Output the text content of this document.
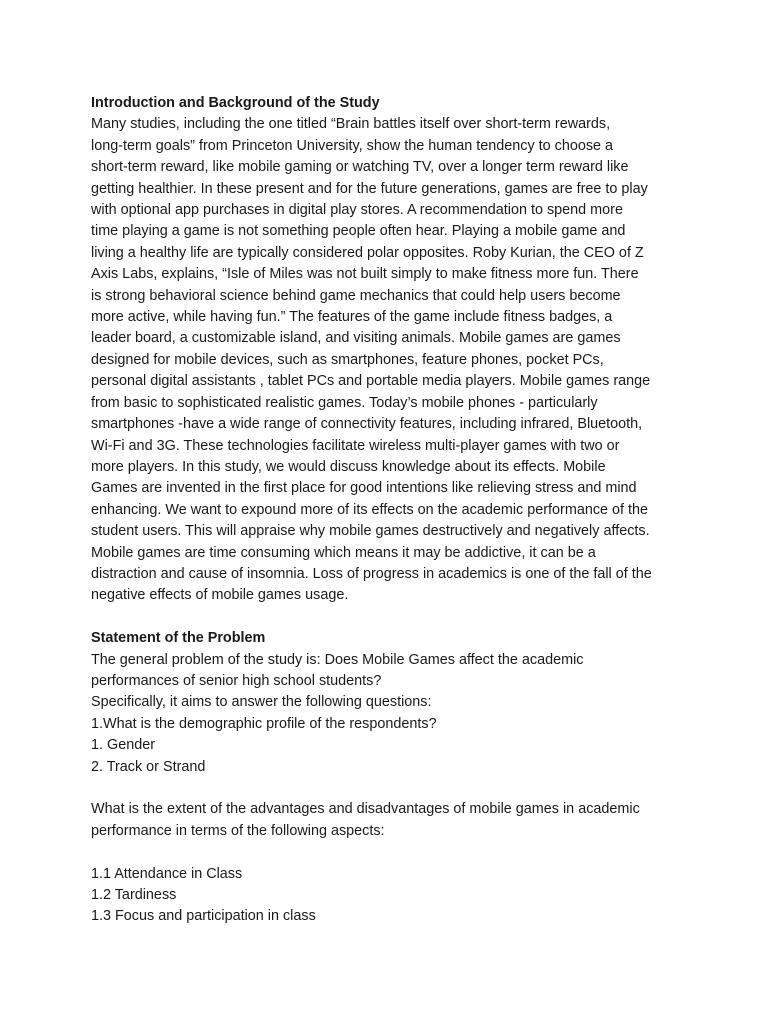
Introduction and Background of the Study
Many studies, including the one titled “Brain battles itself over short-term rewards,
long-term goals” from Princeton University, show the human tendency to choose a
short-term reward, like mobile gaming or watching TV, over a longer term reward like
getting healthier. In these present and for the future generations, games are free to play
with optional app purchases in digital play stores. A recommendation to spend more
time playing a game is not something people often hear. Playing a mobile game and
living a healthy life are typically considered polar opposites. Roby Kurian, the CEO of Z
Axis Labs, explains, “Isle of Miles was not built simply to make fitness more fun. There
is strong behavioral science behind game mechanics that could help users become
more active, while having fun.” The features of the game include fitness badges, a
leader board, a customizable island, and visiting animals. Mobile games are games
designed for mobile devices, such as smartphones, feature phones, pocket PCs,
personal digital assistants , tablet PCs and portable media players. Mobile games range
from basic to sophisticated realistic games. Today’s mobile phones - particularly
smartphones -have a wide range of connectivity features, including infrared, Bluetooth,
Wi-Fi and 3G. These technologies facilitate wireless multi-player games with two or
more players. In this study, we would discuss knowledge about its effects. Mobile
Games are invented in the first place for good intentions like relieving stress and mind
enhancing. We want to expound more of its effects on the academic performance of the
student users. This will appraise why mobile games destructively and negatively affects.
Mobile games are time consuming which means it may be addictive, it can be a
distraction and cause of insomnia. Loss of progress in academics is one of the fall of the
negative effects of mobile games usage.
Statement of the Problem
The general problem of the study is: Does Mobile Games affect the academic
performances of senior high school students?
Specifically, it aims to answer the following questions:
1.What is the demographic profile of the respondents?
1. Gender
2. Track or Strand
What is the extent of the advantages and disadvantages of mobile games in academic
performance in terms of the following aspects:
1.1 Attendance in Class
1.2 Tardiness
1.3 Focus and participation in class
